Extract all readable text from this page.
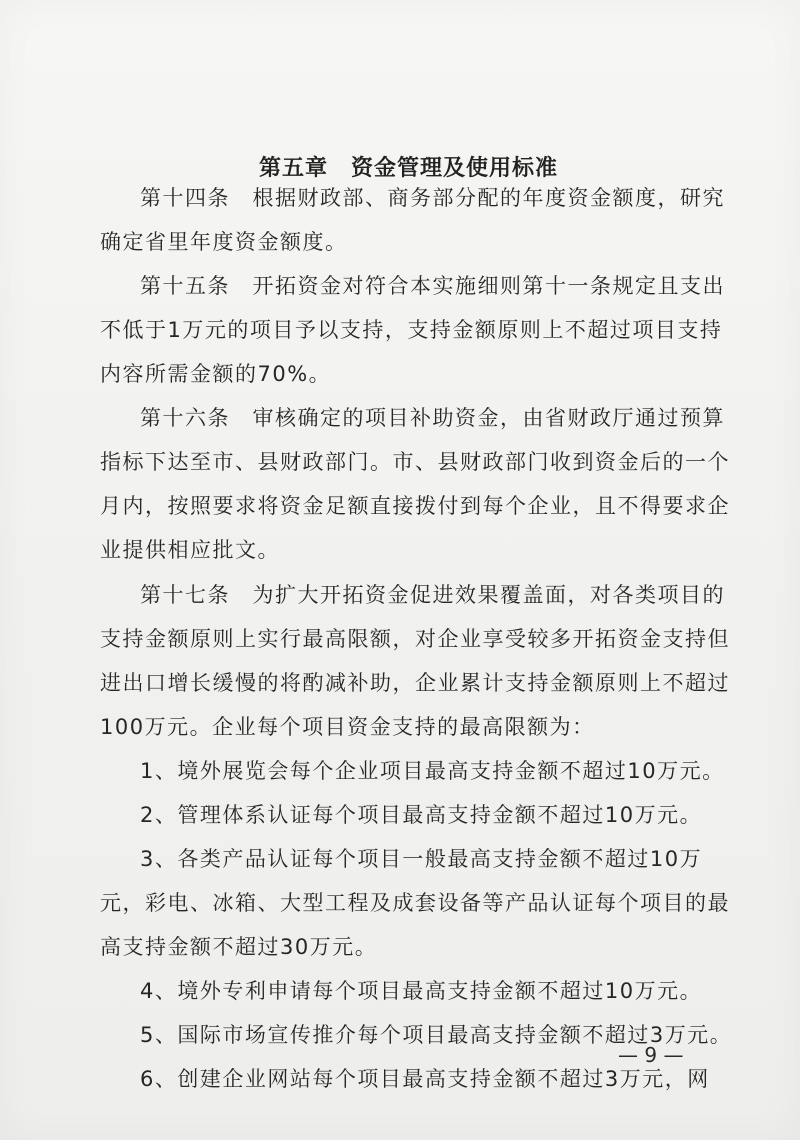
第五章　资金管理及使用标准
第十四条　根据财政部、商务部分配的年度资金额度，研究
确定省里年度资金额度。
第十五条　开拓资金对符合本实施细则第十一条规定且支出
不低于1万元的项目予以支持，支持金额原则上不超过项目支持
内容所需金额的70%。
第十六条　审核确定的项目补助资金，由省财政厅通过预算
指标下达至市、县财政部门。市、县财政部门收到资金后的一个
月内，按照要求将资金足额直接拨付到每个企业，且不得要求企
业提供相应批文。
第十七条　为扩大开拓资金促进效果覆盖面，对各类项目的
支持金额原则上实行最高限额，对企业享受较多开拓资金支持但
进出口增长缓慢的将酌减补助，企业累计支持金额原则上不超过
100万元。企业每个项目资金支持的最高限额为：
1、境外展览会每个企业项目最高支持金额不超过10万元。
2、管理体系认证每个项目最高支持金额不超过10万元。
3、各类产品认证每个项目一般最高支持金额不超过10万
元，彩电、冰箱、大型工程及成套设备等产品认证每个项目的最
高支持金额不超过30万元。
4、境外专利申请每个项目最高支持金额不超过10万元。
5、国际市场宣传推介每个项目最高支持金额不超过3万元。
6、创建企业网站每个项目最高支持金额不超过3万元，网
— 9 —
